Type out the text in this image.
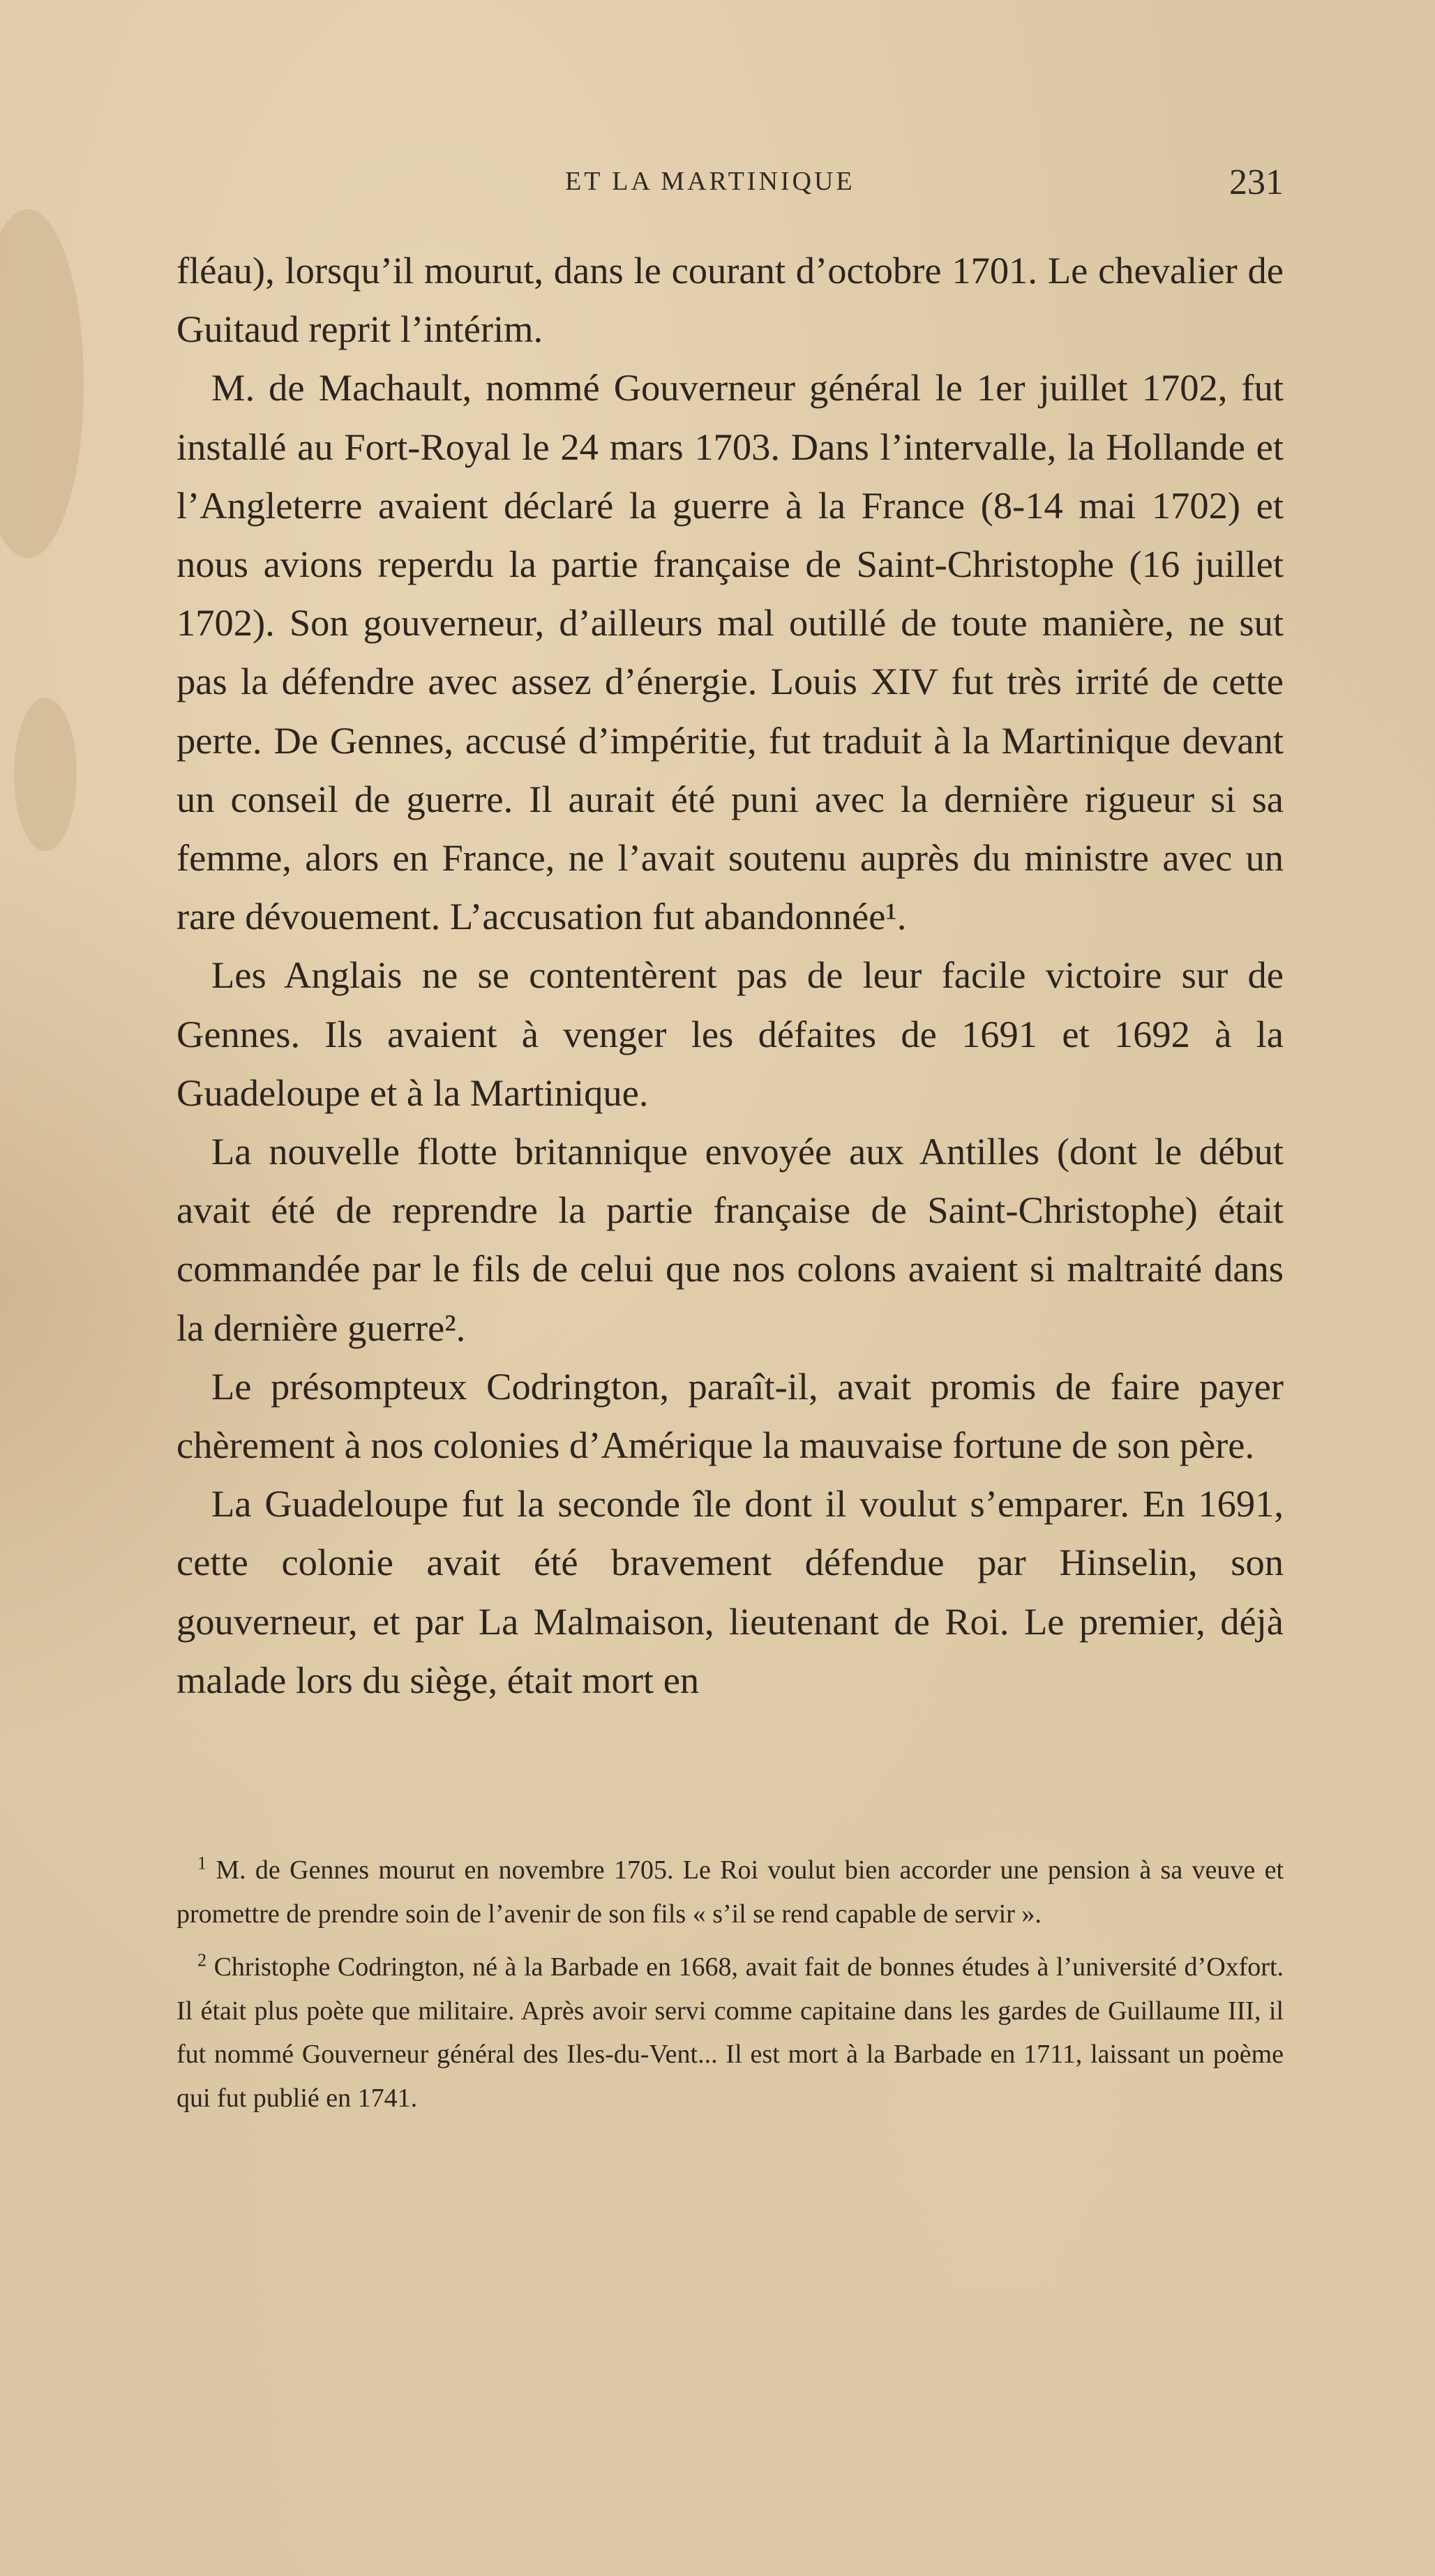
ET LA MARTINIQUE	231

fléau), lorsqu’il mourut, dans le courant d’octobre 1701. Le chevalier de Guitaud reprit l’intérim.

M. de Machault, nommé Gouverneur général le 1er juillet 1702, fut installé au Fort-Royal le 24 mars 1703. Dans l’intervalle, la Hollande et l’Angleterre avaient déclaré la guerre à la France (8-14 mai 1702) et nous avions reperdu la partie française de Saint-Christophe (16 juillet 1702). Son gouverneur, d’ailleurs mal outillé de toute manière, ne sut pas la défendre avec assez d’énergie. Louis XIV fut très irrité de cette perte. De Gennes, accusé d’impéritie, fut traduit à la Martinique devant un conseil de guerre. Il aurait été puni avec la dernière rigueur si sa femme, alors en France, ne l’avait soutenu auprès du ministre avec un rare dévouement. L’accusation fut abandonnée¹.

Les Anglais ne se contentèrent pas de leur facile victoire sur de Gennes. Ils avaient à venger les défaites de 1691 et 1692 à la Guadeloupe et à la Martinique.

La nouvelle flotte britannique envoyée aux Antilles (dont le début avait été de reprendre la partie française de Saint-Christophe) était commandée par le fils de celui que nos colons avaient si maltraité dans la dernière guerre².

Le présompteux Codrington, paraît-il, avait promis de faire payer chèrement à nos colonies d’Amérique la mauvaise fortune de son père.

La Guadeloupe fut la seconde île dont il voulut s’emparer. En 1691, cette colonie avait été bravement défendue par Hinselin, son gouverneur, et par La Malmaison, lieutenant de Roi. Le premier, déjà malade lors du siège, était mort en

$^1$ M. de Gennes mourut en novembre 1705. Le Roi voulut bien accorder une pension à sa veuve et promettre de prendre soin de l’avenir de son fils « s’il se rend capable de servir ».

$^2$ Christophe Codrington, né à la Barbade en 1668, avait fait de bonnes études à l’université d’Oxfort. Il était plus poète que militaire. Après avoir servi comme capitaine dans les gardes de Guillaume III, il fut nommé Gouverneur général des Iles-du-Vent... Il est mort à la Barbade en 1711, laissant un poème qui fut publié en 1741.
